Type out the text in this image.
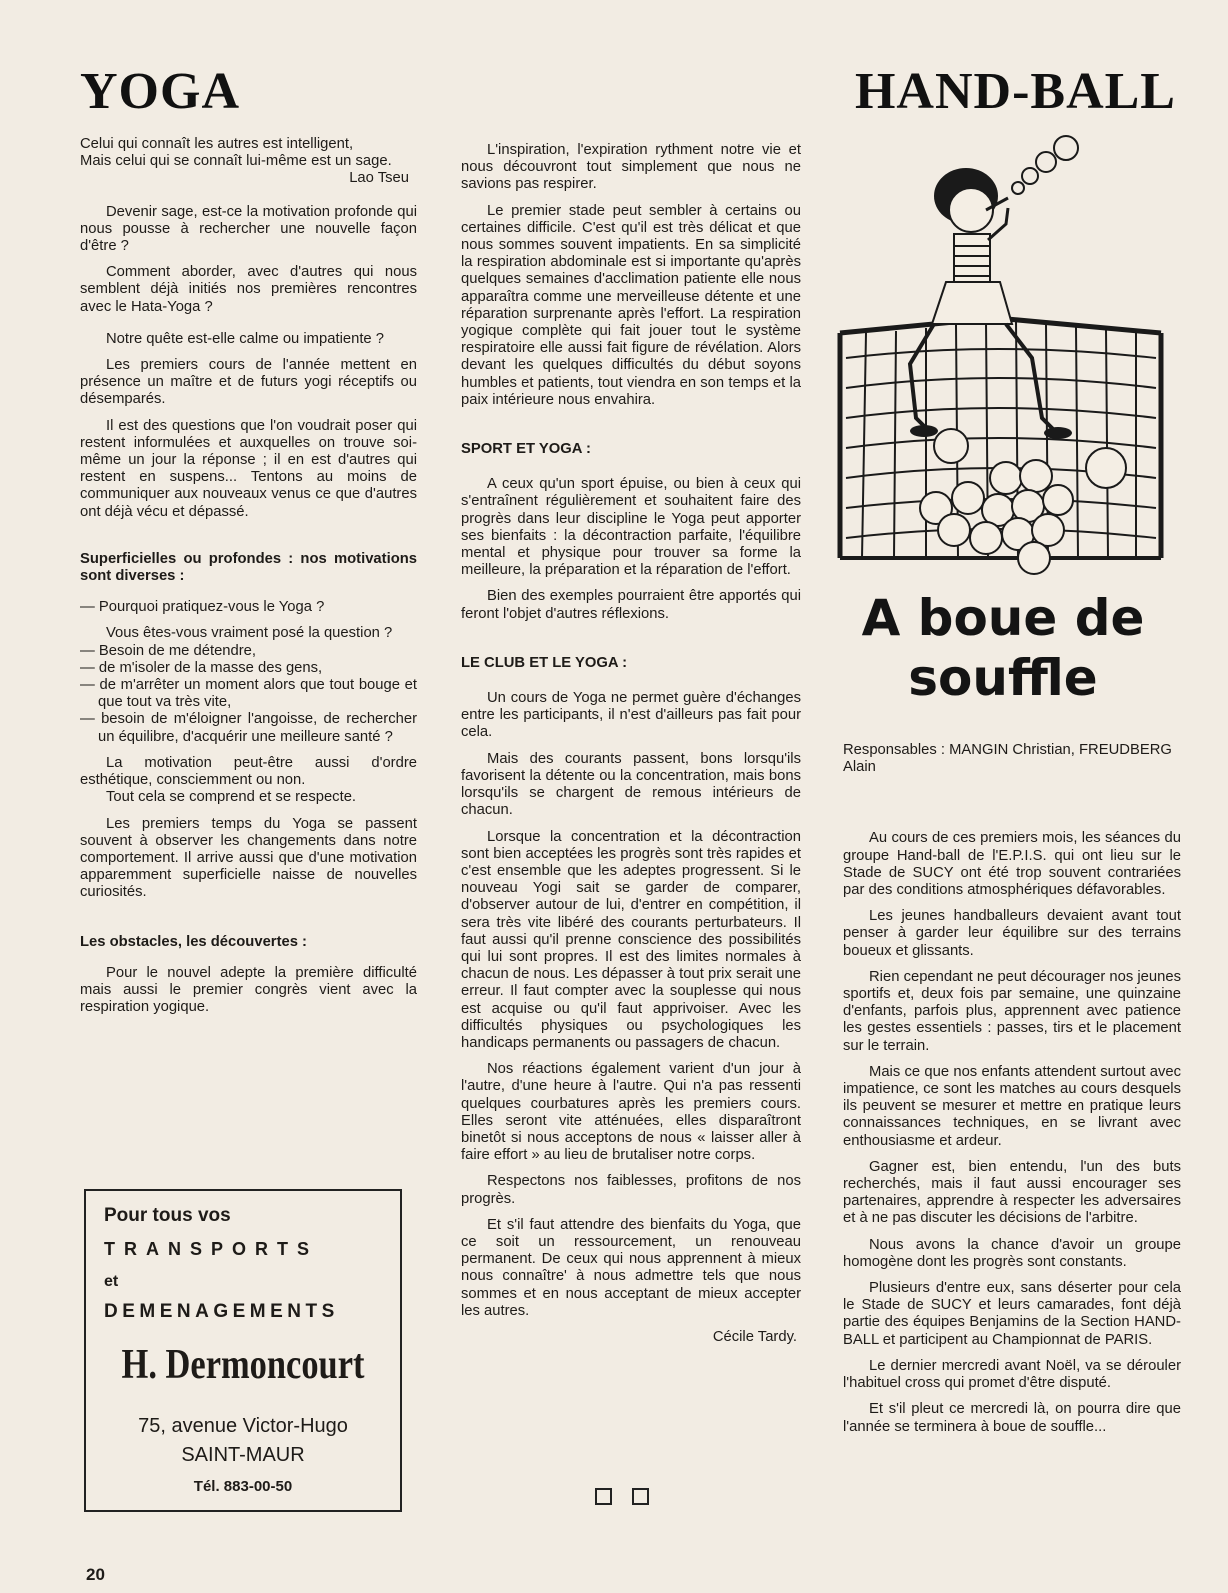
YOGA	HAND-BALL
Celui qui connaît les autres est intelligent,
Mais celui qui se connaît lui-même est un sage.
Lao Tseu

Devenir sage, est-ce la motivation profonde qui nous pousse à rechercher une nouvelle façon d'être ?

Comment aborder, avec d'autres qui nous semblent déjà initiés nos premières rencontres avec le Hata-Yoga ?

Notre quête est-elle calme ou impatiente ?

Les premiers cours de l'année mettent en présence un maître et de futurs yogi réceptifs ou désemparés.

Il est des questions que l'on voudrait poser qui restent informulées et auxquelles on trouve soi-même un jour la réponse ; il en est d'autres qui restent en suspens... Tentons au moins de communiquer aux nouveaux venus ce que d'autres ont déjà vécu et dépassé.

Superficielles ou profondes : nos motivations sont diverses :

— Pourquoi pratiquez-vous le Yoga ?

Vous êtes-vous vraiment posé la question ?

— Besoin de me détendre,
— de m'isoler de la masse des gens,
— de m'arrêter un moment alors que tout bouge et que tout va très vite,
— besoin de m'éloigner l'angoisse, de rechercher un équilibre, d'acquérir une meilleure santé ?

La motivation peut-être aussi d'ordre esthétique, consciemment ou non.

Tout cela se comprend et se respecte.

Les premiers temps du Yoga se passent souvent à observer les changements dans notre comportement. Il arrive aussi que d'une motivation apparemment superficielle naisse de nouvelles curiosités.

Les obstacles, les découvertes :

Pour le nouvel adepte la première difficulté mais aussi le premier congrès vient avec la respiration yogique.

Pour tous vos
TRANSPORTS
et
DEMENAGEMENTS
H. Dermoncourt
75, avenue Victor-Hugo
SAINT-MAUR
Tél. 883-00-50

L'inspiration, l'expiration rythment notre vie et nous découvront tout simplement que nous ne savions pas respirer.

Le premier stade peut sembler à certains ou certaines difficile. C'est qu'il est très délicat et que nous sommes souvent impatients. En sa simplicité la respiration abdominale est si importante qu'après quelques semaines d'acclimation patiente elle nous apparaîtra comme une merveilleuse détente et une réparation surprenante après l'effort. La respiration yogique complète qui fait jouer tout le système respiratoire elle aussi fait figure de révélation. Alors devant les quelques difficultés du début soyons humbles et patients, tout viendra en son temps et la paix intérieure nous envahira.

SPORT ET YOGA :

A ceux qu'un sport épuise, ou bien à ceux qui s'entraînent régulièrement et souhaitent faire des progrès dans leur discipline le Yoga peut apporter ses bienfaits : la décontraction parfaite, l'équilibre mental et physique pour trouver sa forme la meilleure, la préparation et la réparation de l'effort.

Bien des exemples pourraient être apportés qui feront l'objet d'autres réflexions.

LE CLUB ET LE YOGA :

Un cours de Yoga ne permet guère d'échanges entre les participants, il n'est d'ailleurs pas fait pour cela.

Mais des courants passent, bons lorsqu'ils favorisent la détente ou la concentration, mais bons lorsqu'ils se chargent de remous intérieurs de chacun.

Lorsque la concentration et la décontraction sont bien acceptées les progrès sont très rapides et c'est ensemble que les adeptes progressent. Si le nouveau Yogi sait se garder de comparer, d'observer autour de lui, d'entrer en compétition, il sera très vite libéré des courants perturbateurs. Il faut aussi qu'il prenne conscience des possibilités qui lui sont propres. Il est des limites normales à chacun de nous. Les dépasser à tout prix serait une erreur. Il faut compter avec la souplesse qui nous est acquise ou qu'il faut apprivoiser. Avec les difficultés physiques ou psychologiques les handicaps permanents ou passagers de chacun.

Nos réactions également varient d'un jour à l'autre, d'une heure à l'autre. Qui n'a pas ressenti quelques courbatures après les premiers cours. Elles seront vite atténuées, elles disparaîtront binetôt si nous acceptons de nous « laisser aller à faire effort » au lieu de brutaliser notre corps.

Respectons nos faiblesses, profitons de nos progrès.

Et s'il faut attendre des bienfaits du Yoga, que ce soit un ressourcement, un renouveau permanent. De ceux qui nous apprennent à mieux nous connaître' à nous admettre tels que nous sommes et en nous acceptant de mieux accepter les autres.

Cécile Tardy.

A boue de
souffle
Responsables : MANGIN Christian, FREUDBERG Alain

Au cours de ces premiers mois, les séances du groupe Hand-ball de l'E.P.I.S. qui ont lieu sur le Stade de SUCY ont été trop souvent contrariées par des conditions atmosphériques défavorables.

Les jeunes handballeurs devaient avant tout penser à garder leur équilibre sur des terrains boueux et glissants.

Rien cependant ne peut décourager nos jeunes sportifs et, deux fois par semaine, une quinzaine d'enfants, parfois plus, apprennent avec patience les gestes essentiels : passes, tirs et le placement sur le terrain.

Mais ce que nos enfants attendent surtout avec impatience, ce sont les matches au cours desquels ils peuvent se mesurer et mettre en pratique leurs connaissances techniques, en se livrant avec enthousiasme et ardeur.

Gagner est, bien entendu, l'un des buts recherchés, mais il faut aussi encourager ses partenaires, apprendre à respecter les adversaires et à ne pas discuter les décisions de l'arbitre.

Nous avons la chance d'avoir un groupe homogène dont les progrès sont constants.

Plusieurs d'entre eux, sans déserter pour cela le Stade de SUCY et leurs camarades, font déjà partie des équipes Benjamins de la Section HAND-BALL et participent au Championnat de PARIS.

Le dernier mercredi avant Noël, va se dérouler l'habituel cross qui promet d'être disputé.

Et s'il pleut ce mercredi là, on pourra dire que l'année se terminera à boue de souffle...

20
